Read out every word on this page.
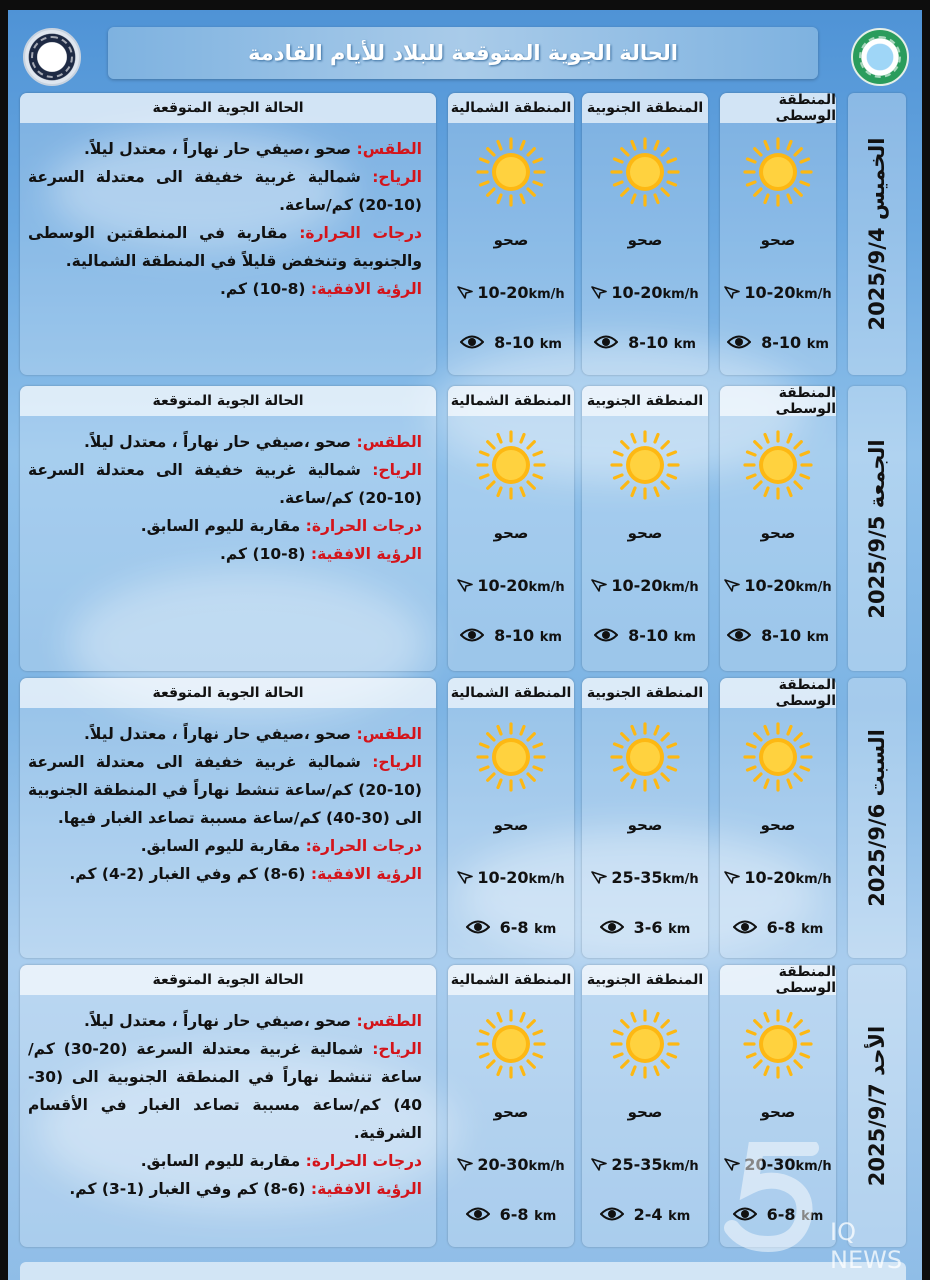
الحالة الجوية المتوقعة للبلاد للأيام القادمة
الخميس 2025/9/4
المنطقة الوسطى
صحو
10-20km/h
8-10 km
المنطقة الجنوبية
صحو
10-20km/h
8-10 km
المنطقة الشمالية
صحو
10-20km/h
8-10 km
الحالة الجوية المتوقعة

الطقس: صحو ،صيفي حار نهاراً ، معتدل ليلاً.

الرياح: شمالية غربية خفيفة الى معتدلة السرعة (10-20) كم/ساعة.

درجات الحرارة: مقاربة في المنطقتين الوسطى والجنوبية وتنخفض قليلاً في المنطقة الشمالية.

الرؤية الافقية: (8-10) كم.

الجمعة 2025/9/5
المنطقة الوسطى
صحو
10-20km/h
8-10 km
المنطقة الجنوبية
صحو
10-20km/h
8-10 km
المنطقة الشمالية
صحو
10-20km/h
8-10 km
الحالة الجوية المتوقعة

الطقس: صحو ،صيفي حار نهاراً ، معتدل ليلاً.

الرياح: شمالية غربية خفيفة الى معتدلة السرعة (10-20) كم/ساعة.

درجات الحرارة: مقاربة لليوم السابق.

الرؤية الافقية: (8-10) كم.

السبت 2025/9/6
المنطقة الوسطى
صحو
10-20km/h
6-8 km
المنطقة الجنوبية
صحو
25-35km/h
3-6 km
المنطقة الشمالية
صحو
10-20km/h
6-8 km
الحالة الجوية المتوقعة

الطقس: صحو ،صيفي حار نهاراً ، معتدل ليلاً.

الرياح: شمالية غربية خفيفة الى معتدلة السرعة (10-20) كم/ساعة تنشط نهاراً في المنطقة الجنوبية الى (30-40) كم/ساعة مسببة تصاعد الغبار فيها.

درجات الحرارة: مقاربة لليوم السابق.

الرؤية الافقية: (6-8) كم وفي الغبار (2-4) كم.

الأحد 2025/9/7
المنطقة الوسطى
صحو
20-30km/h
6-8 km
المنطقة الجنوبية
صحو
25-35km/h
2-4 km
المنطقة الشمالية
صحو
20-30km/h
6-8 km
الحالة الجوية المتوقعة

الطقس: صحو ،صيفي حار نهاراً ، معتدل ليلاً.

الرياح: شمالية غربية معتدلة السرعة (20-30) كم/ساعة تنشط نهاراً في المنطقة الجنوبية الى (30-40) كم/ساعة مسببة تصاعد الغبار في الأقسام الشرقية.

درجات الحرارة: مقاربة لليوم السابق.

الرؤية الافقية: (6-8) كم وفي الغبار (1-3) كم.

IQ NEWS
